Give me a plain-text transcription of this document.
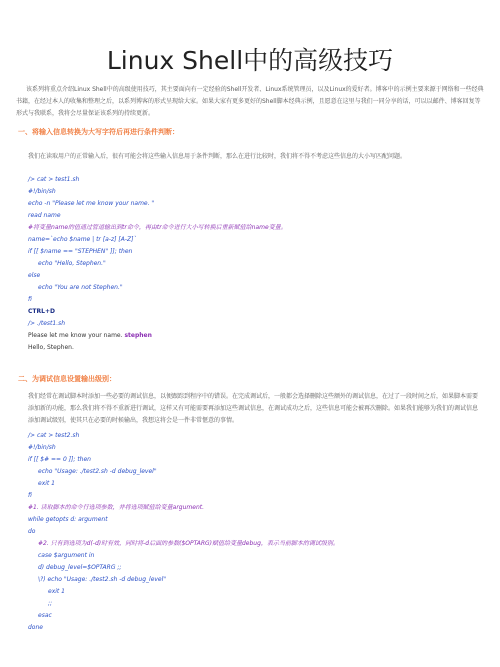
Linux Shell中的高级技巧

该系列将重点介绍Linux Shell中的高级使用技巧，其主要面向有一定经验的Shell开发者、Linux系统管理员，以及Linux的爱好者。博客中的示例主要来源于网络和一些经典书籍，在经过本人的收集和整理之后，以系列博客的形式呈现给大家。如果大家有更多更好的Shell脚本经典示例，且愿意在这里与我们一同分享的话，可以以邮件、博客回复等形式与我联系，我将会尽量保证该系列的持续更新。

一、将输入信息转换为大写字符后再进行条件判断：

我们在读取用户的正常输入后，很有可能会将这些输入信息用于条件判断，那么在进行比较时，我们将不得不考虑这些信息的大小写匹配问题。

/> cat > test1.sh
#!/bin/sh
echo -n "Please let me know your name. "
read name
#将变量name的值通过管道输出到tr命令，再由tr命令进行大小写转换后重新赋值给name变量。
name=`echo $name | tr [a-z] [A-Z]`
if [[ $name == "STEPHEN" ]]; then
echo "Hello, Stephen."
else
echo "You are not Stephen."
fi
CTRL+D
/> ./test1.sh
Please let me know your name. stephen
Hello, Stephen.

二、为调试信息设置输出级别：

我们经常在调试脚本时添加一些必要的调试信息，以便跟踪到程序中的错误。在完成调试后，一般都会选择删除这些额外的调试信息，在过了一段时间之后，如果脚本需要添加新的功能，那么我们将不得不重新进行调试，这样又有可能需要再添加这些调试信息，在调试成功之后，这些信息可能会被再次删除。如果我们能够为我们的调试信息添加调试级别，使其只在必要的时候输出，我想这将会是一件非常惬意的事情。

/> cat > test2.sh
#!/bin/sh
if [[ $# == 0 ]]; then
echo "Usage: ./test2.sh -d debug_level"
exit 1
fi
#1. 读取脚本的命令行选项参数，并将选项赋值给变量argument.
while getopts d: argument
do
#2. 只有到选项为d(-d)时有效，同时将-d后面的参数($OPTARG)赋值给变量debug，表示当前脚本的调试级别。
case $argument in
d) debug_level=$OPTARG ;;
\?) echo "Usage: ./test2.sh -d debug_level"
exit 1
;;
esac
done
